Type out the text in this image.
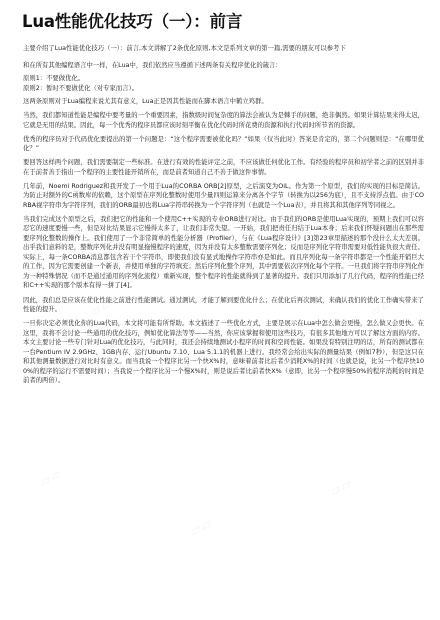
Lua性能优化技巧（一）：前言

主要介绍了Lua性能优化技巧（一）：前言,本文讲解了2条优化原则,本文是系列文章的第一篇,需要的朋友可以参考下

和在所有其他编程语言中一样，在Lua中，我们依然应当遵循下述两条有关程序优化的箴言：

原则1：不要做优化。

原则2：暂时不要做优化（对专家而言）。

这两条原则对于Lua编程来说尤其有意义，Lua正是因其性能而在脚本语言中鹤立鸡群。

当然，我们都知道性能是编程中要考量的一个重要因素，指数级时间复杂度的算法会被认为是棘手的问题，绝非偶然。如果计算结果来得太迟，它就是无用的结果。因此，每一个优秀的程序员都应该时刻平衡在优化代码时所花费的资源和执行代码时所节省的资源。

优秀的程序员对于代码优化要提出的第一个问题是：“这个程序需要被优化吗？”如果（仅当此时）答案是肯定的，第二个问题则是：“在哪里优化？”

要回答这样两个问题，我们需要制定一些标准。在进行有效的性能评定之前，不应该做任何优化工作。有经验的程序员和初学者之前的区别并非在于前者善于指出一个程序的主要性能开销所在，而是前者知道自己不善于做这件事情。

几年前，Noemi Rodriguez和我开发了一个用于Lua的CORBA ORB[2]原型，之后演变为OiL。作为第一个原型，我们的实现的目标是简洁。为防止对额外的C函数库的依赖，这个原型在序列化整数时使用少量四则运算来分离各个字节（转换为以256为底），且不支持浮点值。由于CORBA视字符串为字符序列，我们的ORB最初也将Lua字符串转换为一个字符序列（也就是一个Lua表），并且将其和其他序列等同视之。

当我们完成这个原型之后，我们把它的性能和一个使用C++实现的专业ORB进行对比。由于我们的ORB是使用Lua实现的，预期上我们可以容忍它的速度要慢一些，但是对比结果显示它慢得太多了，让我们非常失望。一开始，我们把责任归结于Lua本身；后来我们怀疑问题出在那些需要序列化整数的操作上。我们使用了一个非常简单的性能分析器（Profiler），与在《Lua程序设计》[3]第23章里描述的那个没什么太大差别。出乎我们意料的是，整数序列化并没有明显拖慢程序的速度，因为并没有太多整数需要序列化；反而是序列化字符串需要对低性能负很大责任。实际上，每一条CORBA消息都包含若干个字符串，即使我们没有显式地操作字符串亦是如此。而且序列化每一条字符串都是一个性能开销巨大的工作，因为它需要创建一个新表，并使用单独的字符填充；然后序列化整个序列，其中需要依次序列化每个字符。一旦我们将字符串序列化作为一种特殊情况（而不是通过通用的序列化流程）重新实现，整个程序的性能就得到了显著的提升。我们只用添加了几行代码，程序的性能已经和C++实现的那个版本有得一拼了[4]。

因此，我们总是应该在优化性能之前进行性能测试。通过测试，才能了解到要优化什么；在优化后再次测试，来确认我们的优化工作确实带来了性能的提升。

一旦你决定必须优化你的Lua代码，本文将可能有所帮助。本文描述了一些优化方式，主要是展示在Lua中怎么做会更慢，怎么做又会更快。在这里，我将不会讨论一些通用的优化技巧，例如优化算法等等——当然，你应该掌握和使用这些技巧，有很多其他地方可以了解这方面的内容。本文主要讨论一些专门针对Lua的优化技巧，与此同时，我还会持续地测试小程序的时间和空间性能。如果没有特别注明的话，所有的测试都在一台Pentium IV 2.9GHz、1GB内存、运行Ubuntu 7.10、Lua 5.1.1的机器上进行。我经常会给出实际的测量结果（例如7秒），但是这只在和其他测量数据进行对比时有意义。而当我说一个程序比另一个快X%时，意味着前者比后者少消耗X%的时间（也就是说，比另一个程序快100%的程序的运行不需要时间）；当我说一个程序比另一个慢X%时，则是说后者比前者快X%（意即，比另一个程序慢50%的程序消耗的时间是前者的两倍）。

▱▱
▱▱
▱▱
▱▱
▱▱
▱▱
▱▱
▱▱
▱▱
